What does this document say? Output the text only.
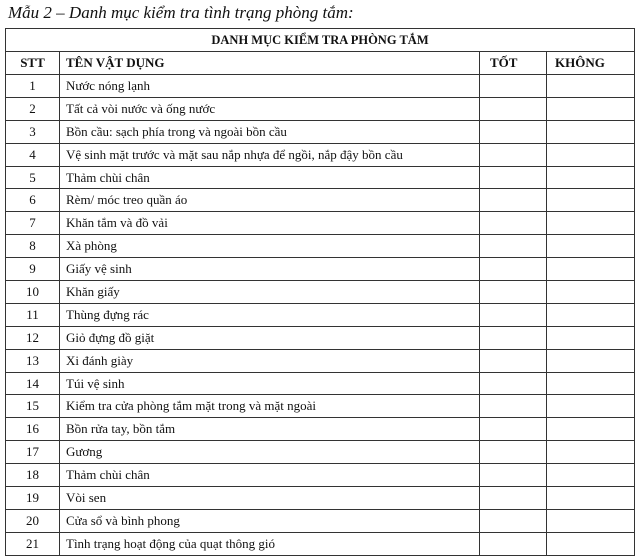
Mẫu 2 – Danh mục kiểm tra tình trạng phòng tắm:
DANH MỤC KIỂM TRA PHÒNG TẮM			
STT	TÊN VẬT DỤNG	TỐT	KHÔNG
1	Nước nóng lạnh		
2	Tất cả vòi nước và ống nước		
3	Bồn cầu: sạch phía trong và ngoài bồn cầu		
4	Vệ sinh mặt trước và mặt sau nắp nhựa để ngồi, nắp đậy bồn cầu		
5	Thảm chùi chân		
6	Rèm/ móc treo quần áo		
7	Khăn tắm và đồ vải		
8	Xà phòng		
9	Giấy vệ sinh		
10	Khăn giấy		
11	Thùng đựng rác		
12	Giỏ đựng đồ giặt		
13	Xi đánh giày		
14	Túi vệ sinh		
15	Kiểm tra cửa phòng tắm mặt trong và mặt ngoài		
16	Bồn rửa tay, bồn tắm		
17	Gương		
18	Thảm chùi chân		
19	Vòi sen		
20	Cửa sổ và bình phong		
21	Tình trạng hoạt động của quạt thông gió		
